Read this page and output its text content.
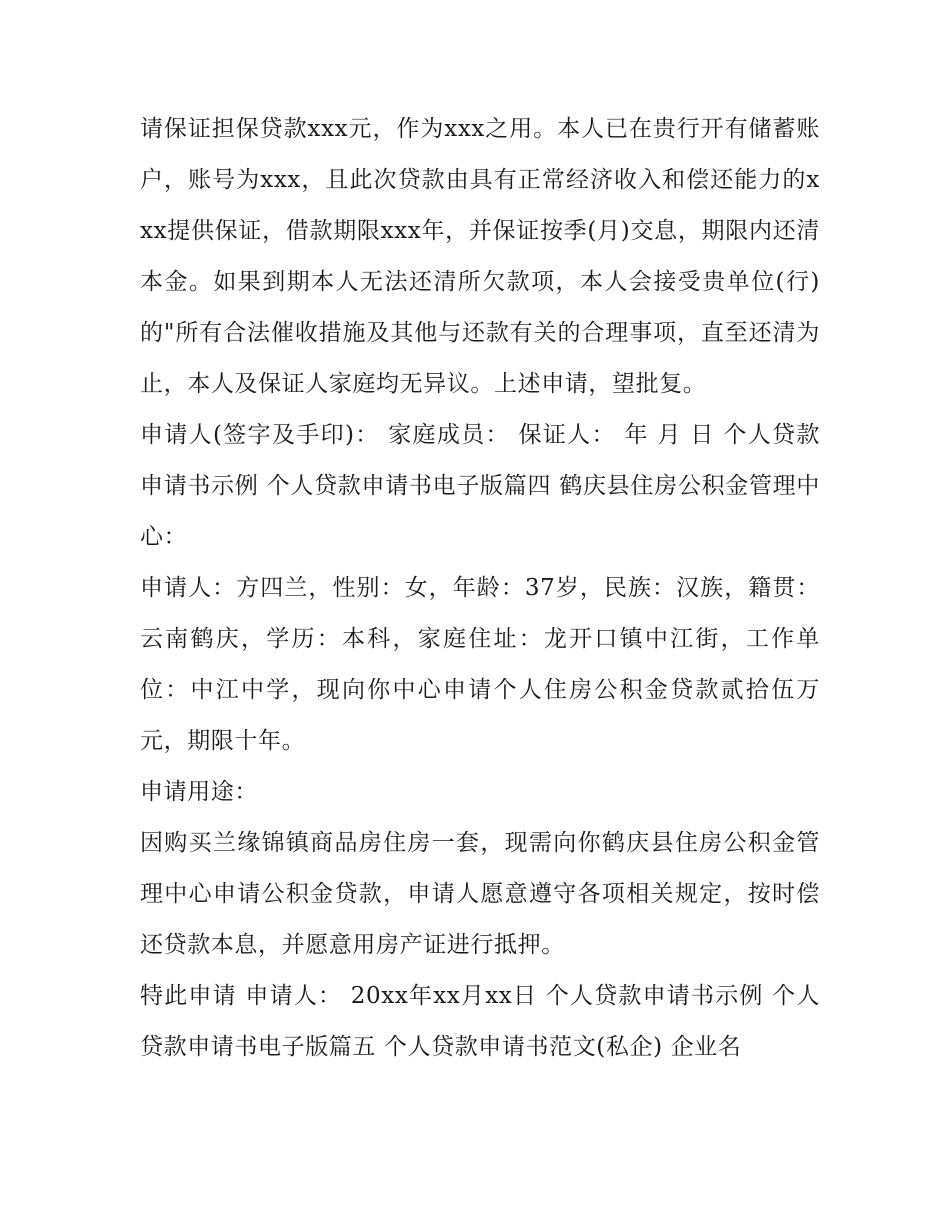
请保证担保贷款xxx元，作为xxx之用。本人已在贵行开有储蓄账户，账号为xxx，且此次贷款由具有正常经济收入和偿还能力的xxx提供保证，借款期限xxx年，并保证按季(月)交息，期限内还清本金。如果到期本人无法还清所欠款项，本人会接受贵单位(行)的"所有合法催收措施及其他与还款有关的合理事项，直至还清为止，本人及保证人家庭均无异议。上述申请，望批复。

申请人(签字及手印)： 家庭成员： 保证人： 年 月 日 个人贷款申请书示例 个人贷款申请书电子版篇四 鹤庆县住房公积金管理中心：

申请人：方四兰，性别：女，年龄：37岁，民族：汉族，籍贯：云南鹤庆，学历：本科，家庭住址：龙开口镇中江街，工作单位：中江中学，现向你中心申请个人住房公积金贷款贰拾伍万元，期限十年。

申请用途：

因购买兰缘锦镇商品房住房一套，现需向你鹤庆县住房公积金管理中心申请公积金贷款，申请人愿意遵守各项相关规定，按时偿还贷款本息，并愿意用房产证进行抵押。

特此申请 申请人： 20xx年xx月xx日 个人贷款申请书示例 个人贷款申请书电子版篇五 个人贷款申请书范文(私企) 企业名
